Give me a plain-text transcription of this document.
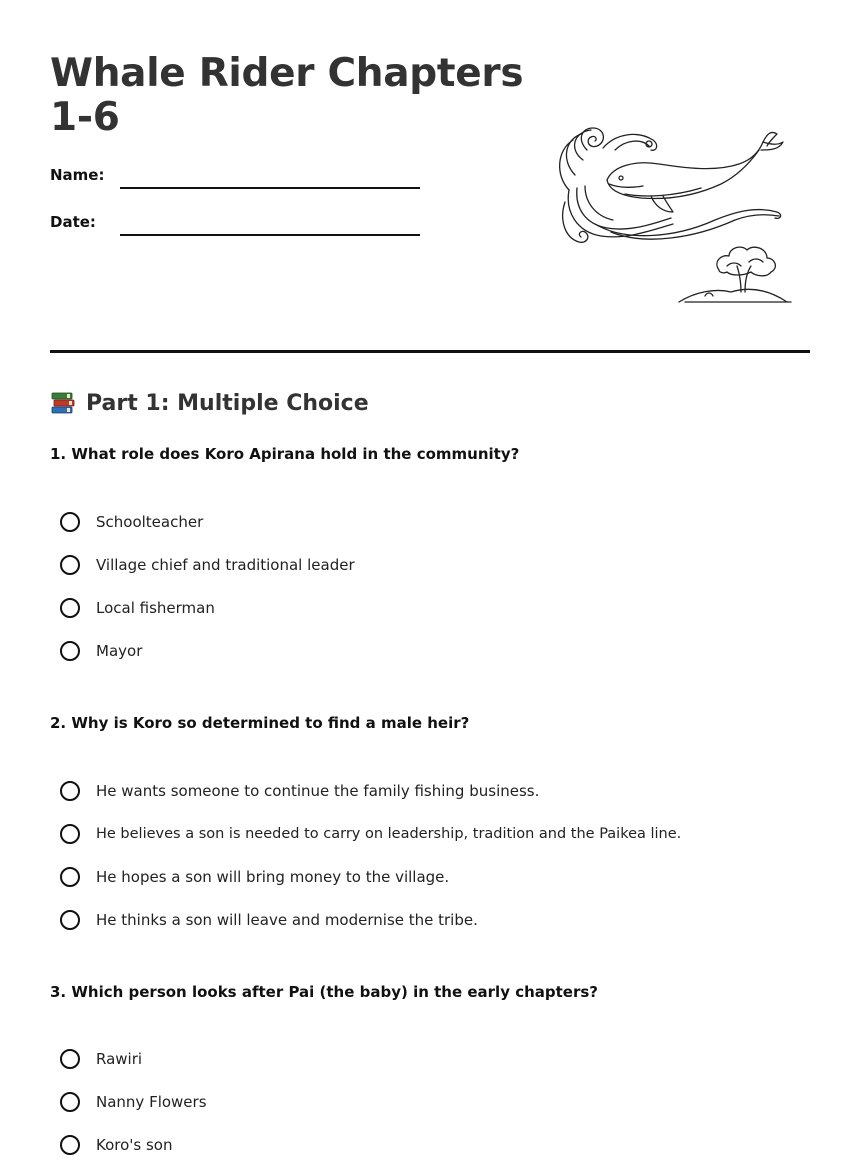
Whale Rider Chapters 1-6
Name:
Date:
Part 1: Multiple Choice

1. What role does Koro Apirana hold in the community?

Schoolteacher
Village chief and traditional leader
Local fisherman
Mayor

2. Why is Koro so determined to find a male heir?

He wants someone to continue the family fishing business.
He believes a son is needed to carry on leadership, tradition and the Paikea line.
He hopes a son will bring money to the village.
He thinks a son will leave and modernise the tribe.

3. Which person looks after Pai (the baby) in the early chapters?

Rawiri
Nanny Flowers
Koro's son
